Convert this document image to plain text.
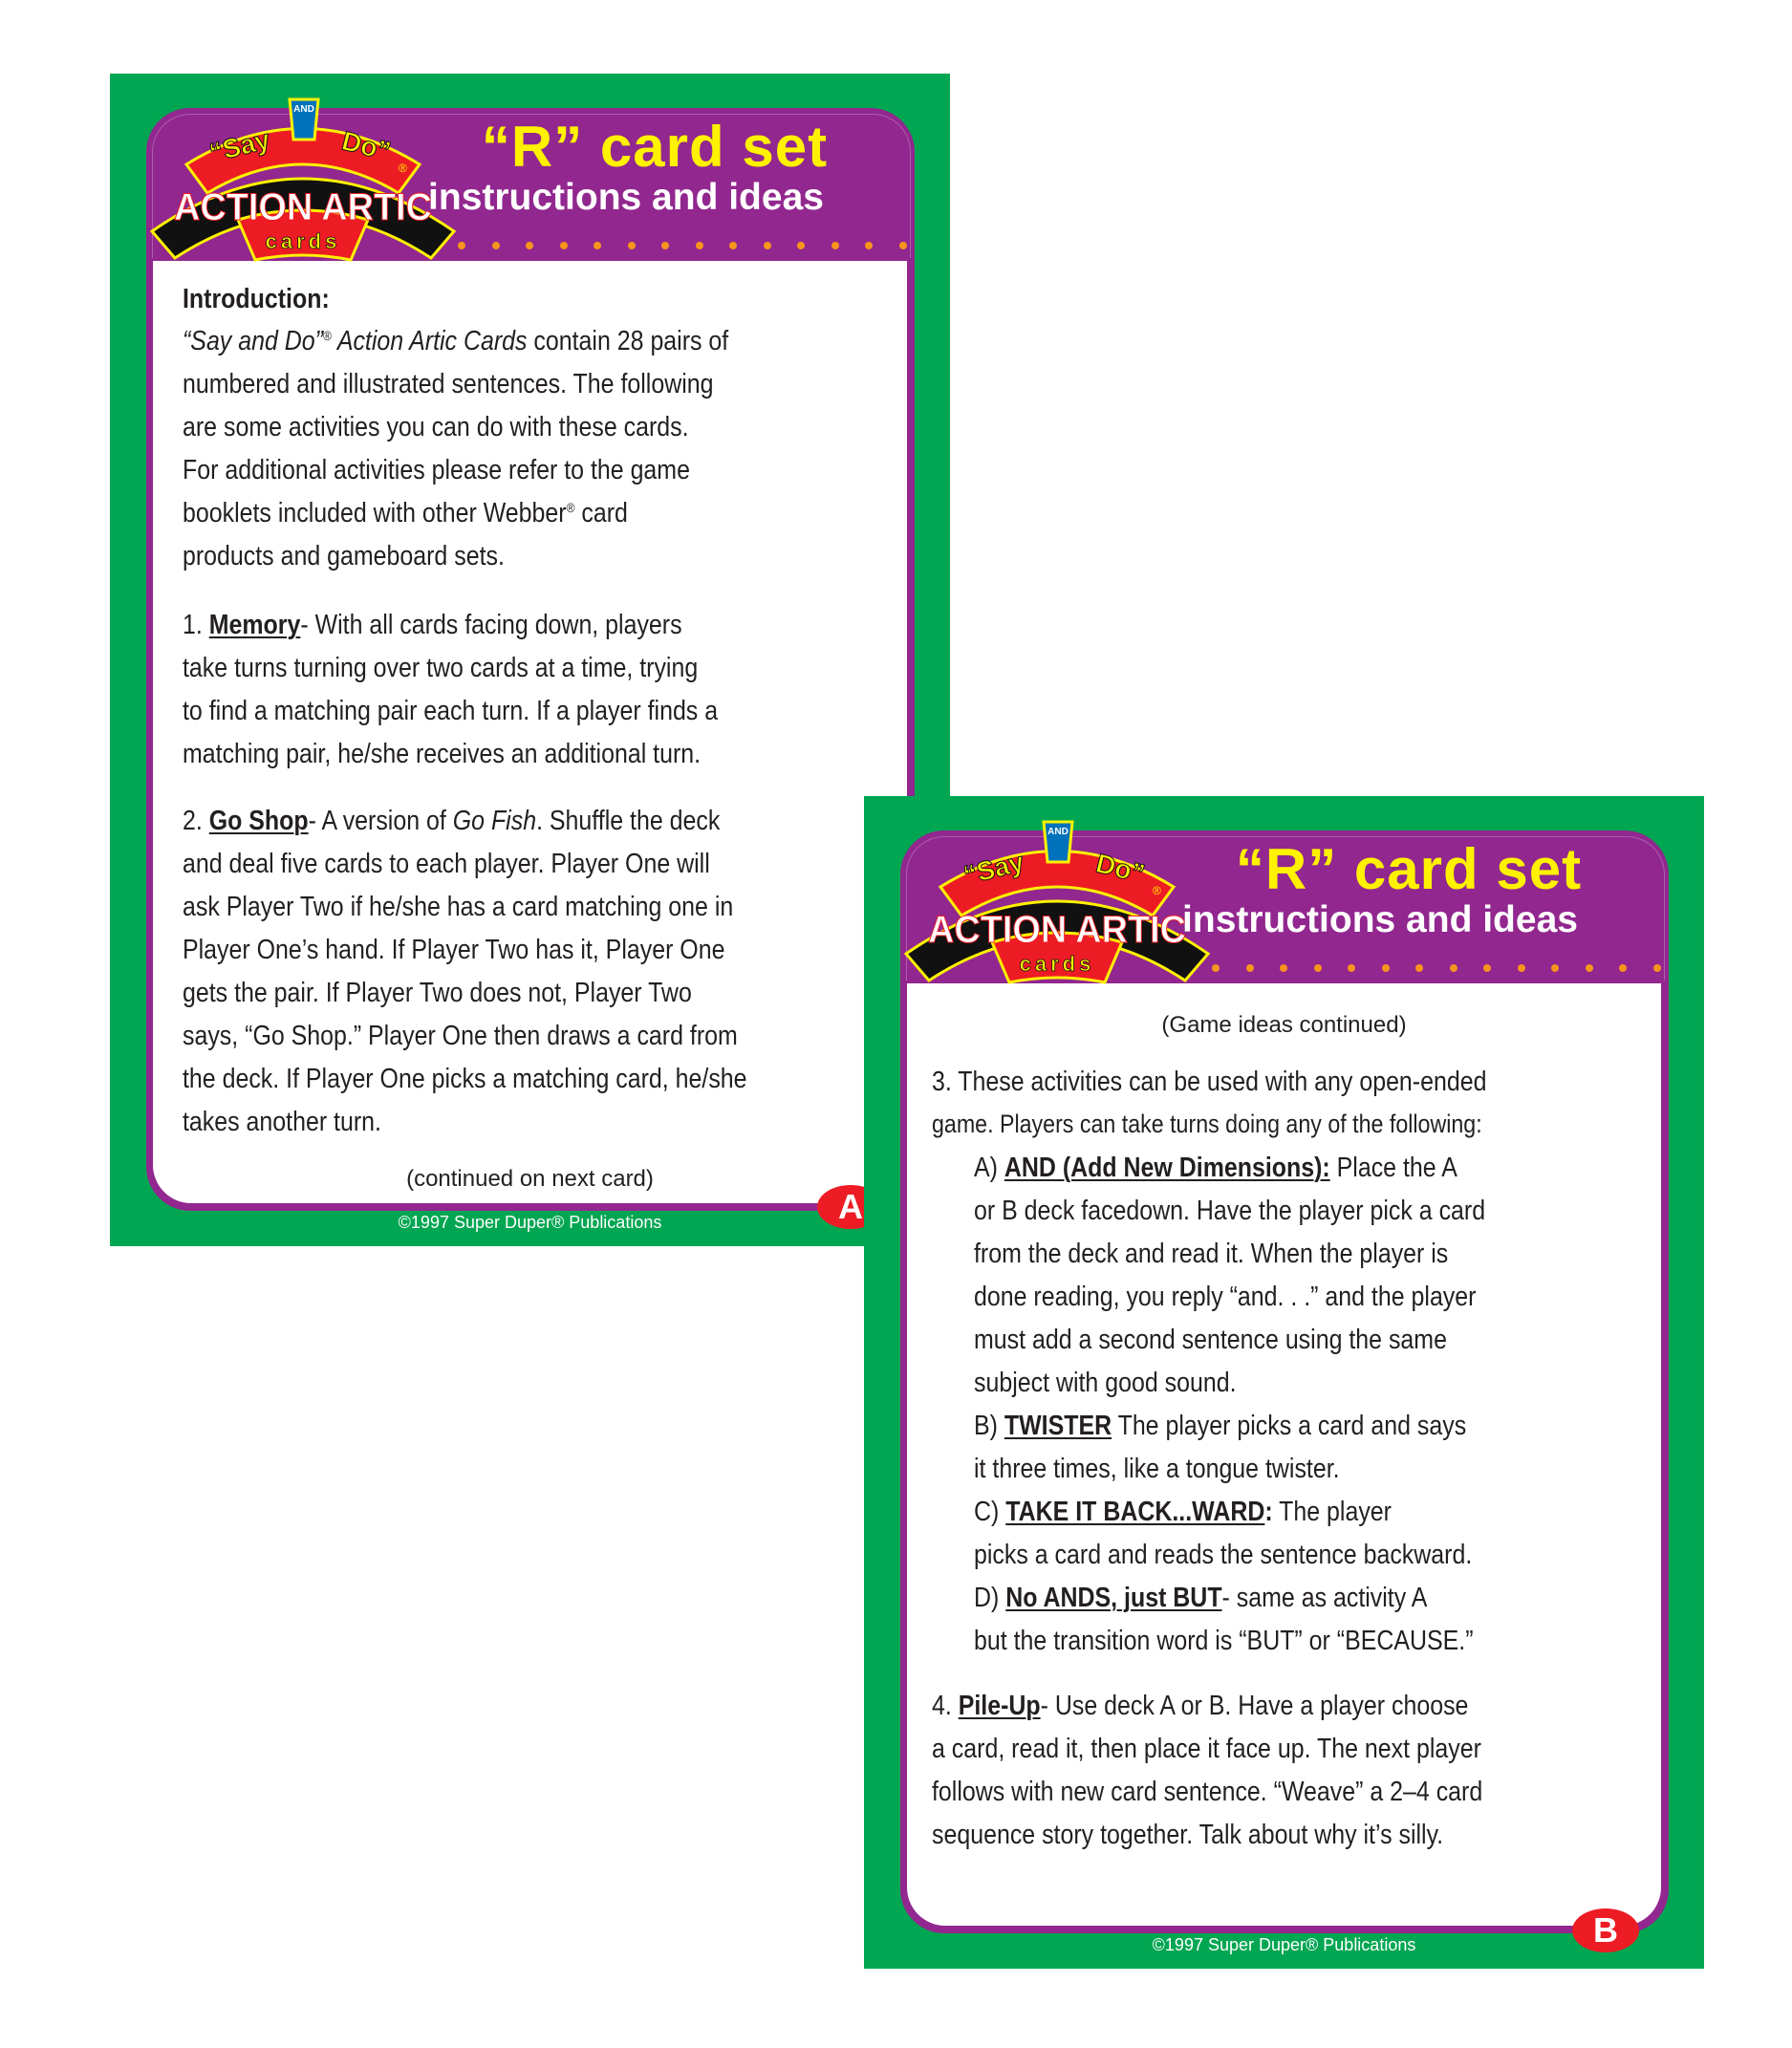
AND
“Say Do”
®
ACTION ARTIC
cards
“R” card set
instructions and ideas
Introduction:
“Say and Do”® Action Artic Cards contain 28 pairs of
numbered and illustrated sentences. The following
are some activities you can do with these cards.
For additional activities please refer to the game
booklets included with other Webber® card
products and gameboard sets.
1. Memory- With all cards facing down, players
take turns turning over two cards at a time, trying
to find a matching pair each turn. If a player finds a
matching pair, he/she receives an additional turn.
2. Go Shop- A version of Go Fish. Shuffle the deck
and deal five cards to each player. Player One will
ask Player Two if he/she has a card matching one in
Player One’s hand. If Player Two has it, Player One
gets the pair. If Player Two does not, Player Two
says, “Go Shop.” Player One then draws a card from
the deck. If Player One picks a matching card, he/she
takes another turn.
(continued on next card)
©1997 Super Duper® Publications	A
AND
“Say Do”
®
ACTION ARTIC
cards
“R” card set
instructions and ideas
(Game ideas continued)
3. These activities can be used with any open-ended
game. Players can take turns doing any of the following:
A) AND (Add New Dimensions): Place the A
or B deck facedown. Have the player pick a card
from the deck and read it. When the player is
done reading, you reply “and. . .” and the player
must add a second sentence using the same
subject with good sound.
B) TWISTER The player picks a card and says
it three times, like a tongue twister.
C) TAKE IT BACK...WARD: The player
picks a card and reads the sentence backward.
D) No ANDS, just BUT- same as activity A
but the transition word is “BUT” or “BECAUSE.”
4. Pile-Up- Use deck A or B. Have a player choose
a card, read it, then place it face up. The next player
follows with new card sentence. “Weave” a 2–4 card
sequence story together. Talk about why it’s silly.
©1997 Super Duper® Publications	B
